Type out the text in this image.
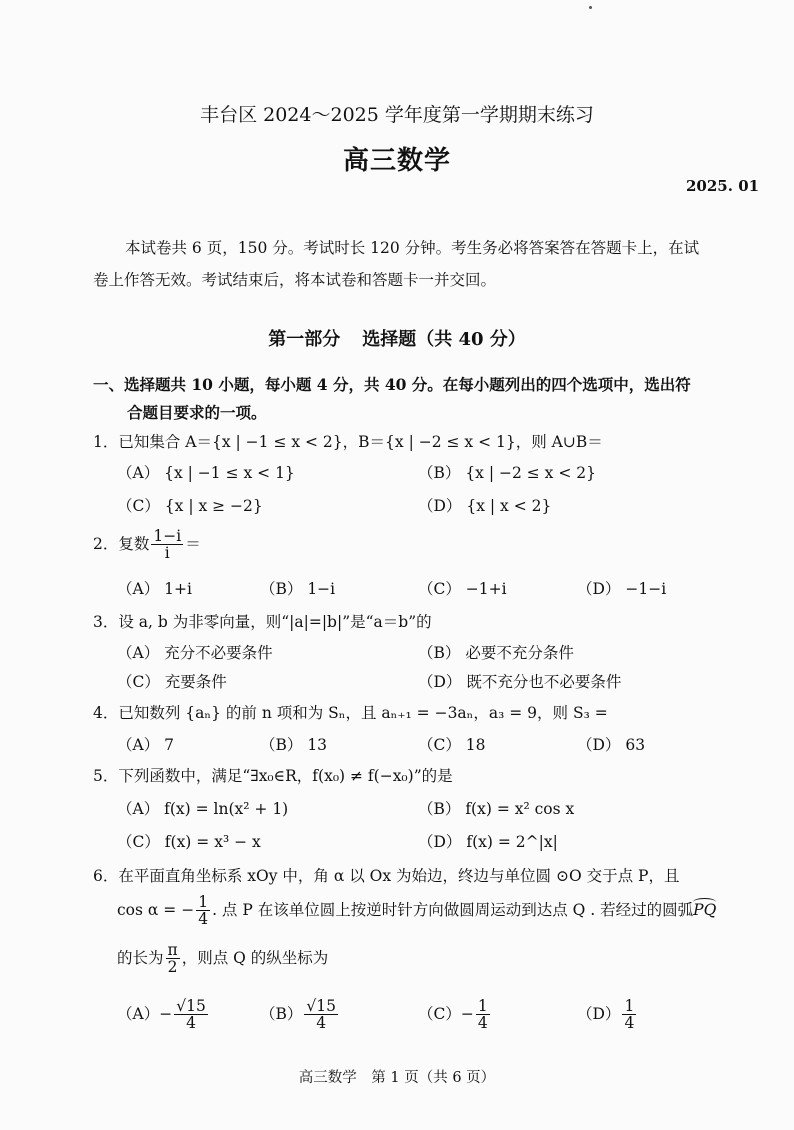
丰台区 2024～2025 学年度第一学期期末练习
高三数学
2025. 01
本试卷共 6 页，150 分。考试时长 120 分钟。考生务必将答案答在答题卡上，在试
卷上作答无效。考试结束后，将本试卷和答题卡一并交回。
第一部分 选择题（共 40 分）
一、选择题共 10 小题，每小题 4 分，共 40 分。在每小题列出的四个选项中，选出符
合题目要求的一项。
1．已知集合 A＝{x | −1 ≤ x < 2}，B＝{x | −2 ≤ x < 1}，则 A∪B＝
（A） {x | −1 ≤ x < 1}	（B） {x | −2 ≤ x < 2}
（C） {x | x ≥ −2}	（D） {x | x < 2}
2．复数 $\frac{1-i}{i}$ ＝
（A） 1+i	（B） 1−i	（C） −1+i	（D） −1−i
3．设 a, b 为非零向量，则“|a|=|b|”是“a＝b”的
（A） 充分不必要条件	（B） 必要不充分条件
（C） 充要条件	（D） 既不充分也不必要条件
4．已知数列 {aₙ} 的前 n 项和为 Sₙ，且 aₙ₊₁ = −3aₙ，a₃ = 9，则 S₃ =
（A） 7	（B） 13	（C） 18	（D） 63
5．下列函数中，满足“∃x₀∈R，f(x₀) ≠ f(−x₀)”的是
（A） f(x) = ln(x² + 1)	（B） f(x) = x² cos x
（C） f(x) = x³ − x	（D） f(x) = 2^|x|
6．在平面直角坐标系 xOy 中，角 α 以 Ox 为始边，终边与单位圆 ⊙O 交于点 P，且
cos α = − $\frac{1}{4}$ . 点 P 在该单位圆上按逆时针方向做圆周运动到达点 Q . 若经过的圆弧PQ
的长为 $\frac{\pi}{2}$ ，则点 Q 的纵坐标为
$(A)- \frac{√15}{4}$	$(B) \frac{√15}{4}$	$(C)- \frac{1}{4}$	$(D) \frac{1}{4}$
高三数学　第 1 页（共 6 页）
